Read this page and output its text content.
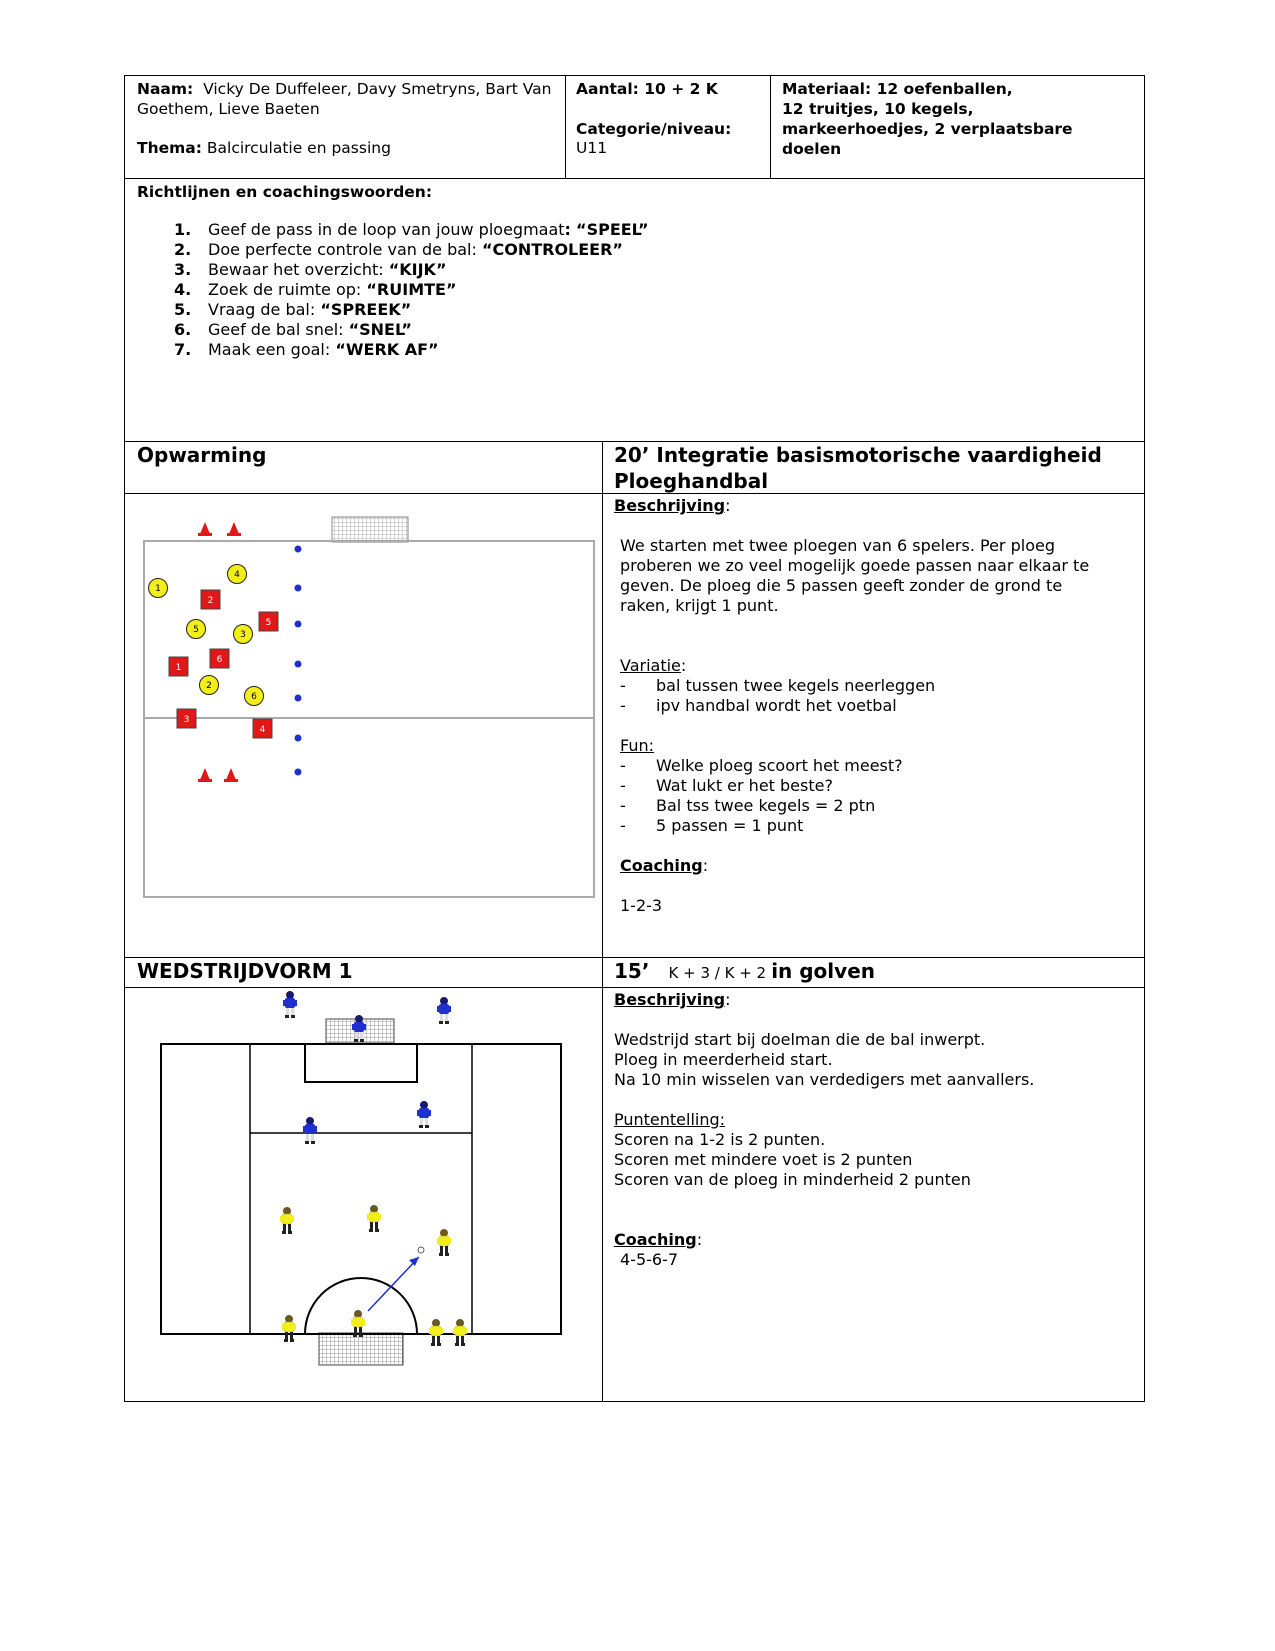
Naam: Vicky De Duffeleer, Davy Smetryns, Bart Van Goethem, Lieve Baeten
Thema: Balcirculatie en passing
Aantal: 10 + 2 K
Categorie/niveau:
U11
Materiaal: 12 oefenballen,
12 truitjes, 10 kegels,
markeerhoedjes, 2 verplaatsbare
doelen
Richtlijnen en coachingswoorden:
1. Geef de pass in de loop van jouw ploegmaat: “SPEEL”
2. Doe perfecte controle van de bal: “CONTROLEER”
3. Bewaar het overzicht: “KIJK”
4. Zoek de ruimte op: “RUIMTE”
5. Vraag de bal: “SPREEK”
6. Geef de bal snel: “SNEL”
7. Maak een goal: “WERK AF”
Opwarming	20’ Integratie basismotorische vaardigheid
Ploeghandbal
1
4
5	3
2
6
2
5
6
1
3
4
Beschrijving:
We starten met twee ploegen van 6 spelers. Per ploeg
proberen we zo veel mogelijk goede passen naar elkaar te
geven. De ploeg die 5 passen geeft zonder de grond te
raken, krijgt 1 punt.
Variatie:
- bal tussen twee kegels neerleggen
- ipv handbal wordt het voetbal
Fun:
- Welke ploeg scoort het meest?
- Wat lukt er het beste?
- Bal tss twee kegels = 2 ptn
- 5 passen = 1 punt
Coaching:
1-2-3
WEDSTRIJDVORM 1	15’ K + 3 / K + 2 in golven
Beschrijving:
Wedstrijd start bij doelman die de bal inwerpt.
Ploeg in meerderheid start.
Na 10 min wisselen van verdedigers met aanvallers.
Puntentelling:
Scoren na 1-2 is 2 punten.
Scoren met mindere voet is 2 punten
Scoren van de ploeg in minderheid 2 punten
Coaching:
4-5-6-7
